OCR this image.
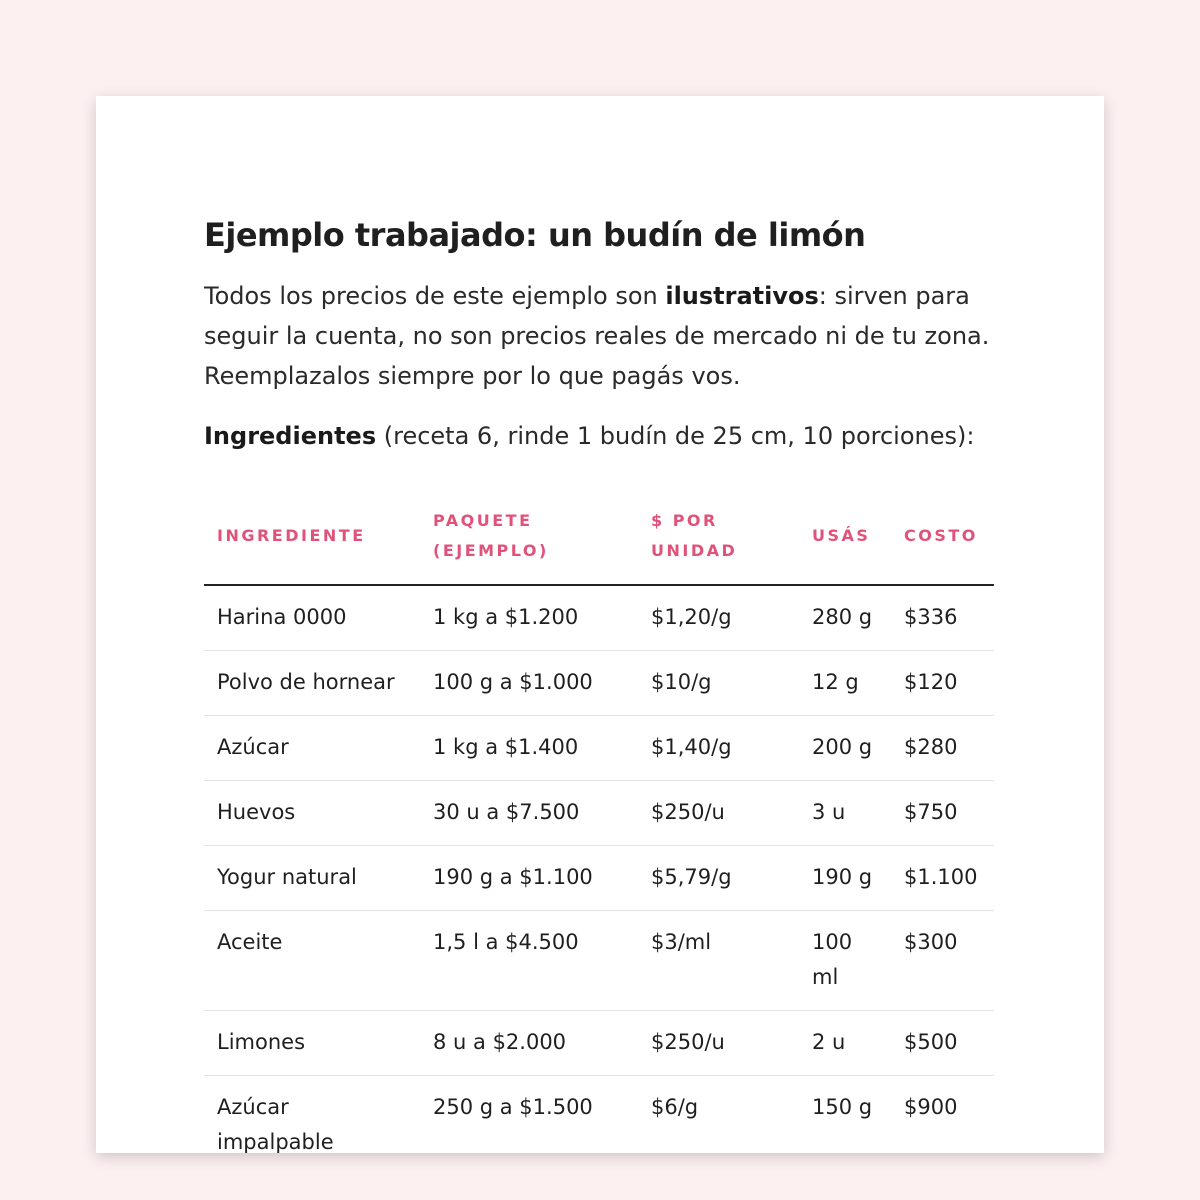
Ejemplo trabajado: un budín de limón

Todos los precios de este ejemplo son ilustrativos: sirven para seguir la cuenta, no son precios reales de mercado ni de tu zona. Reemplazalos siempre por lo que pagás vos.

Ingredientes (receta 6, rinde 1 budín de 25 cm, 10 porciones):

INGREDIENTE	PAQUETE (EJEMPLO)	$ POR UNIDAD	USÁS	COSTO
Harina 0000	1 kg a $1.200	$1,20/g	280 g	$336
Polvo de hornear	100 g a $1.000	$10/g	12 g	$120
Azúcar	1 kg a $1.400	$1,40/g	200 g	$280
Huevos	30 u a $7.500	$250/u	3 u	$750
Yogur natural	190 g a $1.100	$5,79/g	190 g	$1.100
Aceite	1,5 l a $4.500	$3/ml	100 ml	$300
Limones	8 u a $2.000	$250/u	2 u	$500
Azúcar impalpable	250 g a $1.500	$6/g	150 g	$900
